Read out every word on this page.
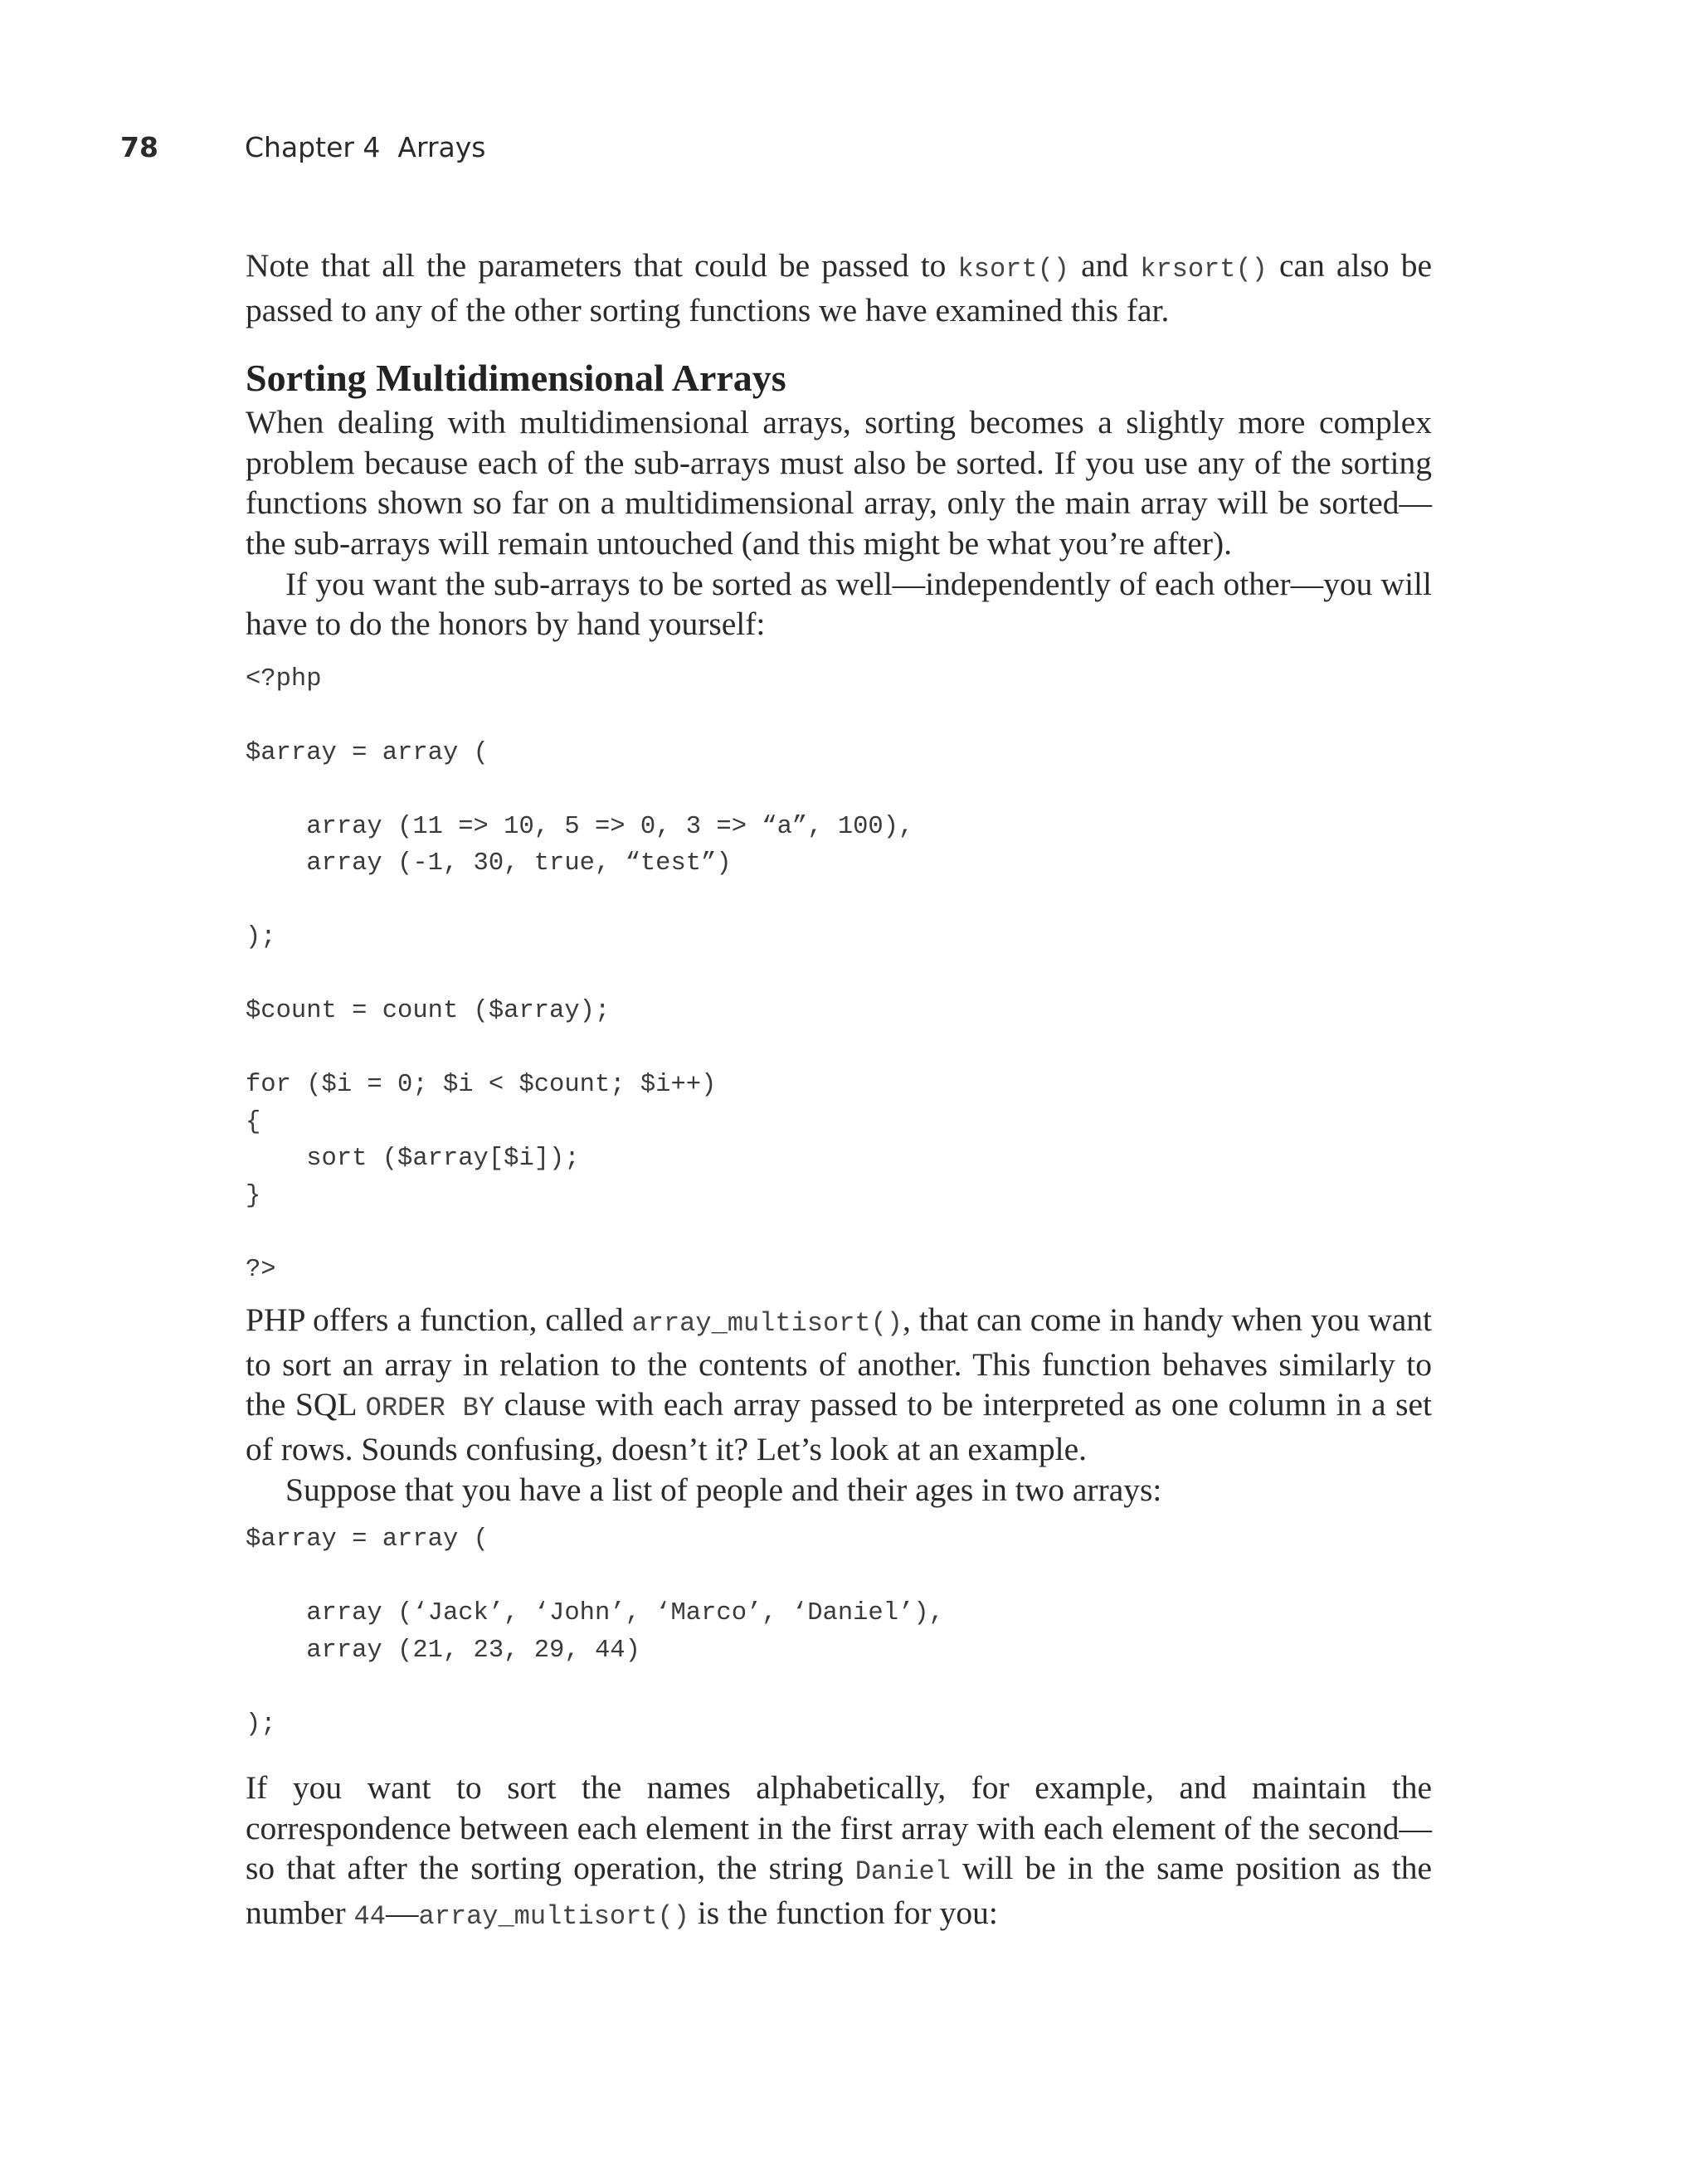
78	Chapter 4  Arrays

Note that all the parameters that could be passed to ksort() and krsort() can also be passed to any of the other sorting functions we have examined this far.

Sorting Multidimensional Arrays

When dealing with multidimensional arrays, sorting becomes a slightly more complex problem because each of the sub-arrays must also be sorted. If you use any of the sorting functions shown so far on a multidimensional array, only the main array will be sorted—the sub-arrays will remain untouched (and this might be what you’re after).

If you want the sub-arrays to be sorted as well—independently of each other—you will have to do the honors by hand yourself:

<?php

$array = array (

array (11 => 10, 5 => 0, 3 => “a”, 100),
array (-1, 30, true, “test”)

);

$count = count ($array);

for ($i = 0; $i < $count; $i++)
{
sort ($array[$i]);
}

?>

PHP offers a function, called array_multisort(), that can come in handy when you want to sort an array in relation to the contents of another. This function behaves similarly to the SQL ORDER BY clause with each array passed to be interpreted as one column in a set of rows. Sounds confusing, doesn’t it? Let’s look at an example.

Suppose that you have a list of people and their ages in two arrays:

$array = array (

array (‘Jack’, ‘John’, ‘Marco’, ‘Daniel’),
array (21, 23, 29, 44)

);

If you want to sort the names alphabetically, for example, and maintain the correspondence between each element in the first array with each element of the second—so that after the sorting operation, the string Daniel will be in the same position as the number 44—array_multisort() is the function for you:
